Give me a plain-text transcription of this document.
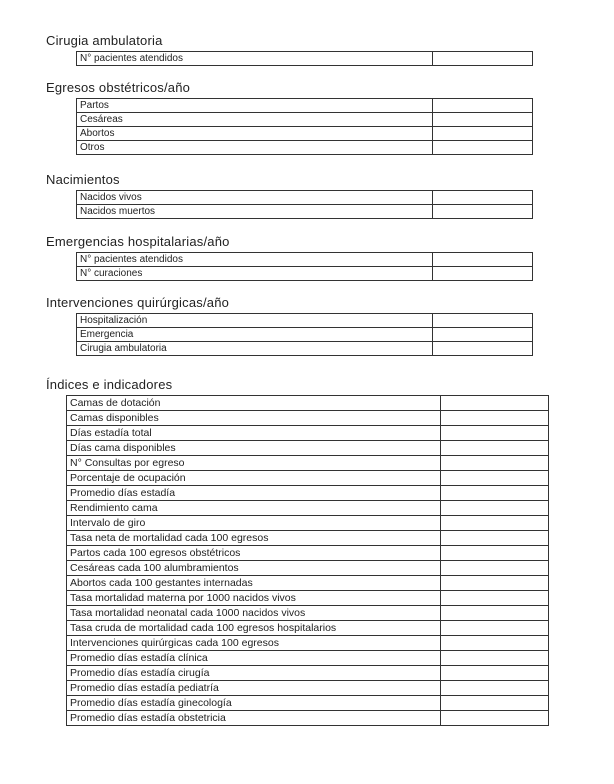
Cirugia ambulatoria
N° pacientes atendidos	
Egresos obstétricos/año
Partos	
Cesáreas	
Abortos	
Otros	
Nacimientos
Nacidos vivos	
Nacidos muertos	
Emergencias hospitalarias/año
N° pacientes atendidos	
N° curaciones	
Intervenciones quirúrgicas/año
Hospitalización	
Emergencia	
Cirugia ambulatoria	
Índices e indicadores
Camas de dotación	
Camas disponibles	
Días estadía total	
Días cama disponibles	
N° Consultas por egreso	
Porcentaje de ocupación	
Promedio días estadía	
Rendimiento cama	
Intervalo de giro	
Tasa neta de mortalidad cada 100 egresos	
Partos cada 100 egresos obstétricos	
Cesáreas cada 100 alumbramientos	
Abortos cada 100 gestantes internadas	
Tasa mortalidad materna por 1000 nacidos vivos	
Tasa mortalidad neonatal cada 1000 nacidos vivos	
Tasa cruda de mortalidad cada 100 egresos hospitalarios	
Intervenciones quirúrgicas cada 100 egresos	
Promedio días estadía clínica	
Promedio días estadía cirugía	
Promedio días estadía pediatría	
Promedio días estadía ginecología	
Promedio días estadía obstetricia	
